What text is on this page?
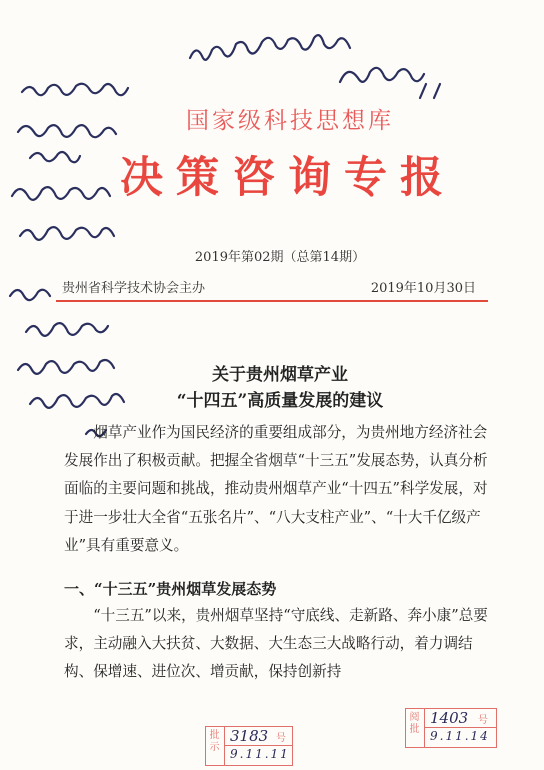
国家级科技思想库
决策咨询专报
2019年第02期（总第14期）
贵州省科学技术协会主办	2019年10月30日
关于贵州烟草产业
“十四五”高质量发展的建议
烟草产业作为国民经济的重要组成部分，为贵州地方经济社会发展作出了积极贡献。把握全省烟草“十三五”发展态势，认真分析面临的主要问题和挑战，推动贵州烟草产业“十四五”科学发展，对于进一步壮大全省“五张名片”、“八大支柱产业”、“十大千亿级产业”具有重要意义。
一、“十三五”贵州烟草发展态势
“十三五”以来，贵州烟草坚持“守底线、走新路、奔小康”总要求，主动融入大扶贫、大数据、大生态三大战略行动，着力调结构、保增速、进位次、增贡献，保持创新持
批示
3183 号
9.11.11
阅批
1403 号
9.11.14
